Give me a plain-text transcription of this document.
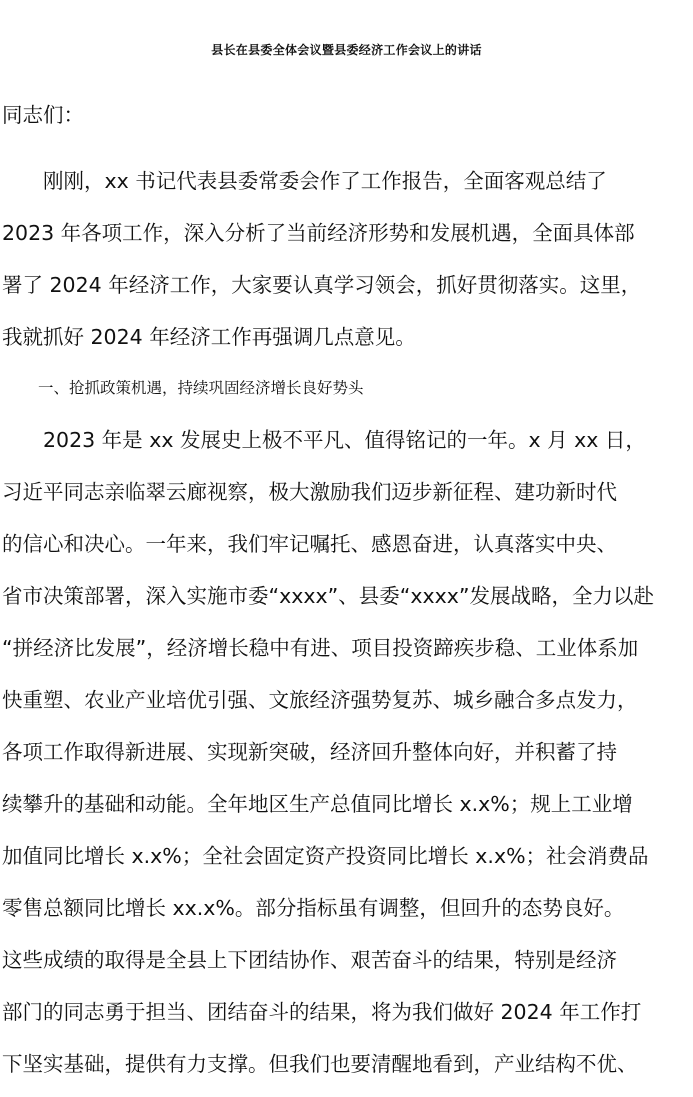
县长在县委全体会议暨县委经济工作会议上的讲话
同志们：
　　刚刚，xx 书记代表县委常委会作了工作报告，全面客观总结了
2023 年各项工作，深入分析了当前经济形势和发展机遇，全面具体部
署了 2024 年经济工作，大家要认真学习领会，抓好贯彻落实。这里，
我就抓好 2024 年经济工作再强调几点意见。
一、抢抓政策机遇，持续巩固经济增长良好势头
　　2023 年是 xx 发展史上极不平凡、值得铭记的一年。x 月 xx 日，
习近平同志亲临翠云廊视察，极大激励我们迈步新征程、建功新时代
的信心和决心。一年来，我们牢记嘱托、感恩奋进，认真落实中央、
省市决策部署，深入实施市委“xxxx”、县委“xxxx”发展战略，全力以赴
“拼经济比发展”，经济增长稳中有进、项目投资蹄疾步稳、工业体系加
快重塑、农业产业培优引强、文旅经济强势复苏、城乡融合多点发力，
各项工作取得新进展、实现新突破，经济回升整体向好，并积蓄了持
续攀升的基础和动能。全年地区生产总值同比增长 x.x%；规上工业增
加值同比增长 x.x%；全社会固定资产投资同比增长 x.x%；社会消费品
零售总额同比增长 xx.x%。部分指标虽有调整，但回升的态势良好。
这些成绩的取得是全县上下团结协作、艰苦奋斗的结果，特别是经济
部门的同志勇于担当、团结奋斗的结果，将为我们做好 2024 年工作打
下坚实基础，提供有力支撑。但我们也要清醒地看到，产业结构不优、
